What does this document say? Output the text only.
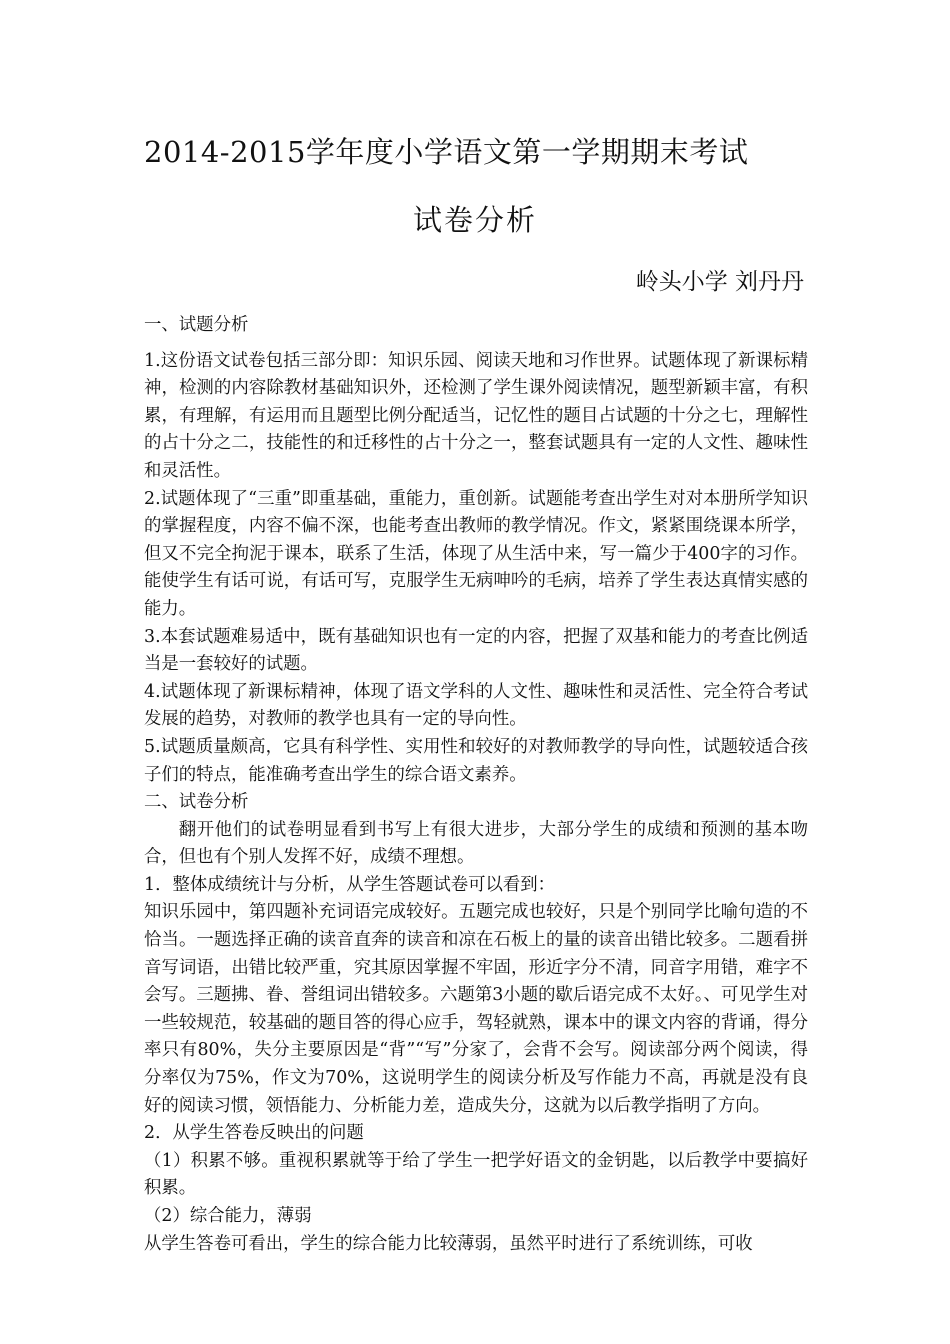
2014-2015学年度小学语文第一学期期末考试
试卷分析
岭头小学 刘丹丹

一、试题分析

1.这份语文试卷包括三部分即：知识乐园、阅读天地和习作世界。试题体现了新课标精神，检测的内容除教材基础知识外，还检测了学生课外阅读情况，题型新颖丰富，有积累，有理解，有运用而且题型比例分配适当，记忆性的题目占试题的十分之七，理解性的占十分之二，技能性的和迁移性的占十分之一，整套试题具有一定的人文性、趣味性和灵活性。

2.试题体现了“三重”即重基础，重能力，重创新。试题能考查出学生对对本册所学知识的掌握程度，内容不偏不深，也能考查出教师的教学情况。作文，紧紧围绕课本所学，但又不完全拘泥于课本，联系了生活，体现了从生活中来，写一篇少于400字的习作。能使学生有话可说，有话可写，克服学生无病呻吟的毛病，培养了学生表达真情实感的能力。

3.本套试题难易适中，既有基础知识也有一定的内容，把握了双基和能力的考查比例适当是一套较好的试题。

4.试题体现了新课标精神，体现了语文学科的人文性、趣味性和灵活性、完全符合考试发展的趋势，对教师的教学也具有一定的导向性。

5.试题质量颇高，它具有科学性、实用性和较好的对教师教学的导向性，试题较适合孩子们的特点，能准确考查出学生的综合语文素养。

二、试卷分析

翻开他们的试卷明显看到书写上有很大进步，大部分学生的成绩和预测的基本吻合，但也有个别人发挥不好，成绩不理想。

1．整体成绩统计与分析，从学生答题试卷可以看到：

知识乐园中，第四题补充词语完成较好。五题完成也较好，只是个别同学比喻句造的不恰当。一题选择正确的读音直奔的读音和凉在石板上的量的读音出错比较多。二题看拼音写词语，出错比较严重，究其原因掌握不牢固，形近字分不清，同音字用错，难字不会写。三题拂、眷、誉组词出错较多。六题第3小题的歇后语完成不太好。、可见学生对一些较规范，较基础的题目答的得心应手，驾轻就熟，课本中的课文内容的背诵，得分率只有80%，失分主要原因是“背”“写”分家了，会背不会写。阅读部分两个阅读，得分率仅为75%，作文为70%，这说明学生的阅读分析及写作能力不高，再就是没有良好的阅读习惯，领悟能力、分析能力差，造成失分，这就为以后教学指明了方向。

2．从学生答卷反映出的问题

（1）积累不够。重视积累就等于给了学生一把学好语文的金钥匙，以后教学中要搞好积累。

（2）综合能力，薄弱

从学生答卷可看出，学生的综合能力比较薄弱，虽然平时进行了系统训练，可收
